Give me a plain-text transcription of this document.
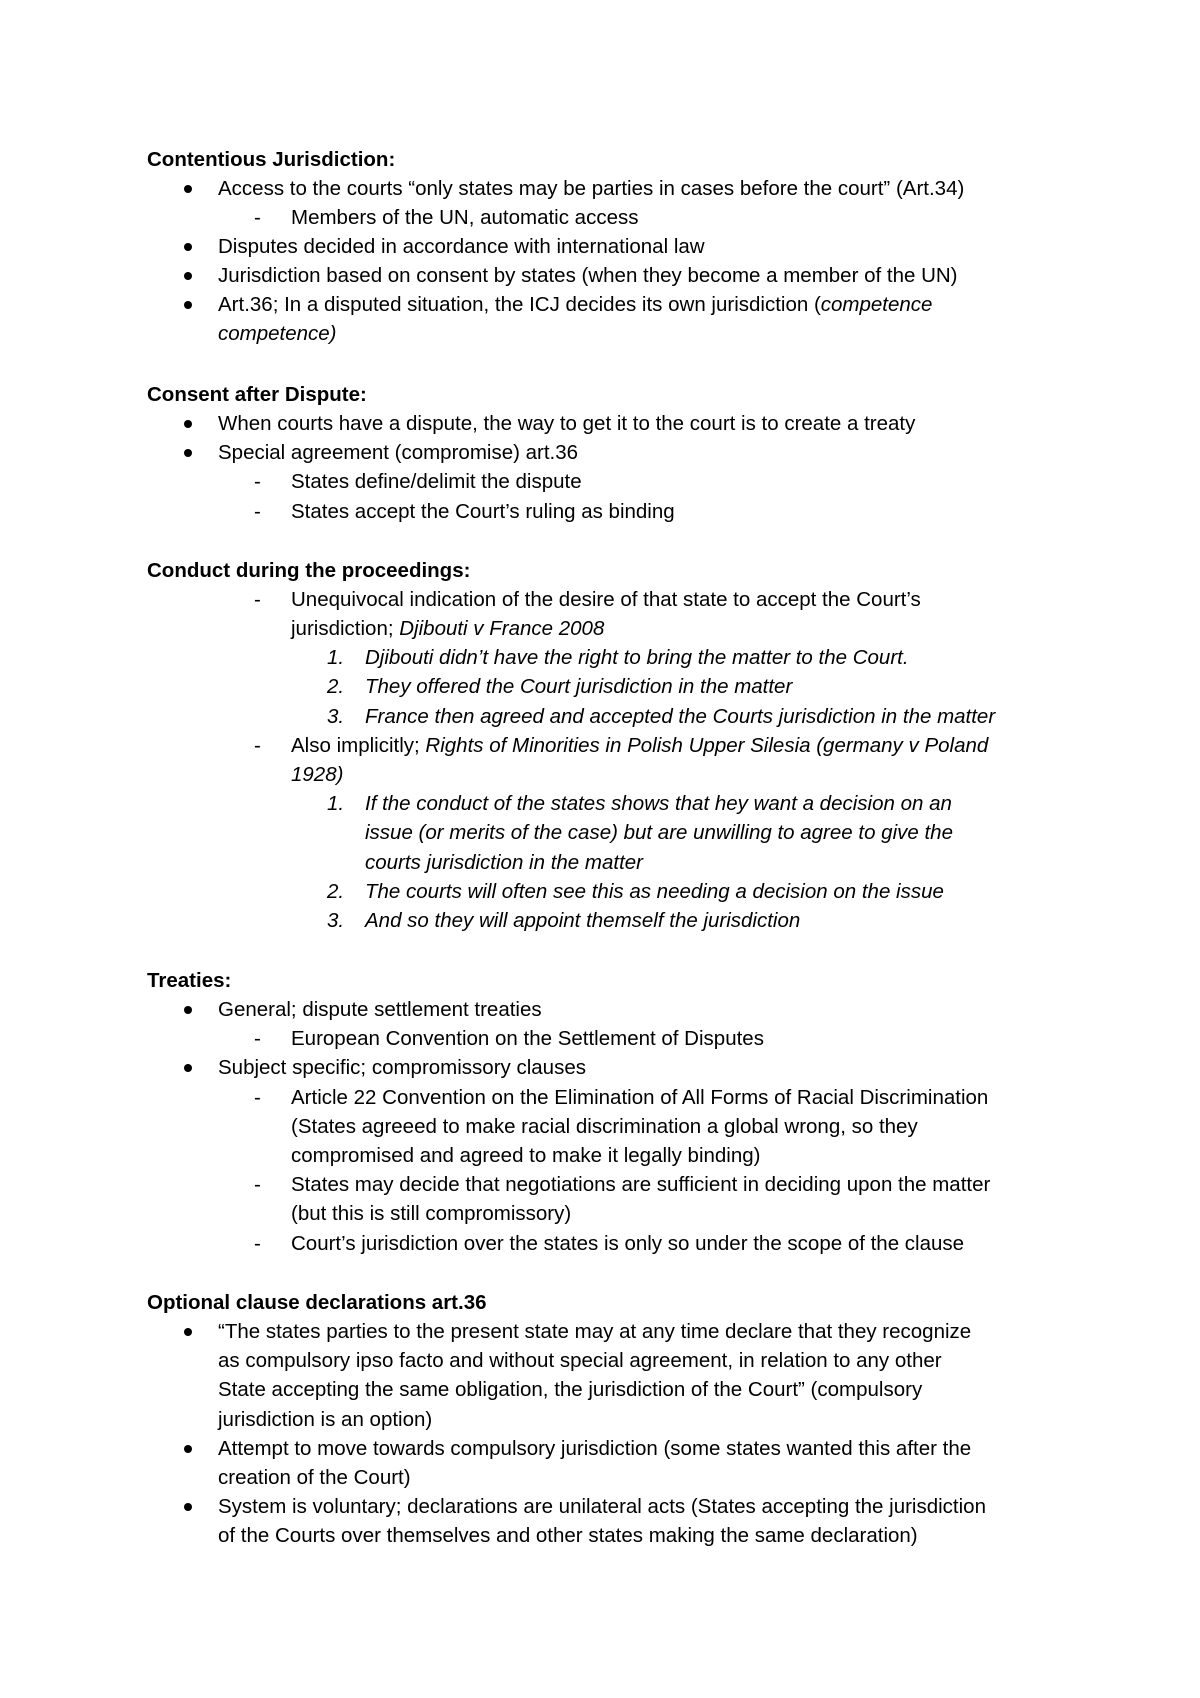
Contentious Jurisdiction:
Access to the courts “only states may be parties in cases before the court” (Art.34)
- Members of the UN, automatic access
Disputes decided in accordance with international law
Jurisdiction based on consent by states (when they become a member of the UN)
Art.36; In a disputed situation, the ICJ decides its own jurisdiction (competence
competence)
Consent after Dispute:
When courts have a dispute, the way to get it to the court is to create a treaty
Special agreement (compromise) art.36
- States define/delimit the dispute
- States accept the Court’s ruling as binding
Conduct during the proceedings:
- Unequivocal indication of the desire of that state to accept the Court’s
jurisdiction; Djibouti v France 2008
1. Djibouti didn’t have the right to bring the matter to the Court.
2. They offered the Court jurisdiction in the matter
3. France then agreed and accepted the Courts jurisdiction in the matter
- Also implicitly; Rights of Minorities in Polish Upper Silesia (germany v Poland
1928)
1. If the conduct of the states shows that hey want a decision on an
issue (or merits of the case) but are unwilling to agree to give the
courts jurisdiction in the matter
2. The courts will often see this as needing a decision on the issue
3. And so they will appoint themself the jurisdiction
Treaties:
General; dispute settlement treaties
- European Convention on the Settlement of Disputes
Subject specific; compromissory clauses
- Article 22 Convention on the Elimination of All Forms of Racial Discrimination
(States agreeed to make racial discrimination a global wrong, so they
compromised and agreed to make it legally binding)
- States may decide that negotiations are sufficient in deciding upon the matter
(but this is still compromissory)
- Court’s jurisdiction over the states is only so under the scope of the clause
Optional clause declarations art.36
“The states parties to the present state may at any time declare that they recognize
as compulsory ipso facto and without special agreement, in relation to any other
State accepting the same obligation, the jurisdiction of the Court” (compulsory
jurisdiction is an option)
Attempt to move towards compulsory jurisdiction (some states wanted this after the
creation of the Court)
System is voluntary; declarations are unilateral acts (States accepting the jurisdiction
of the Courts over themselves and other states making the same declaration)
